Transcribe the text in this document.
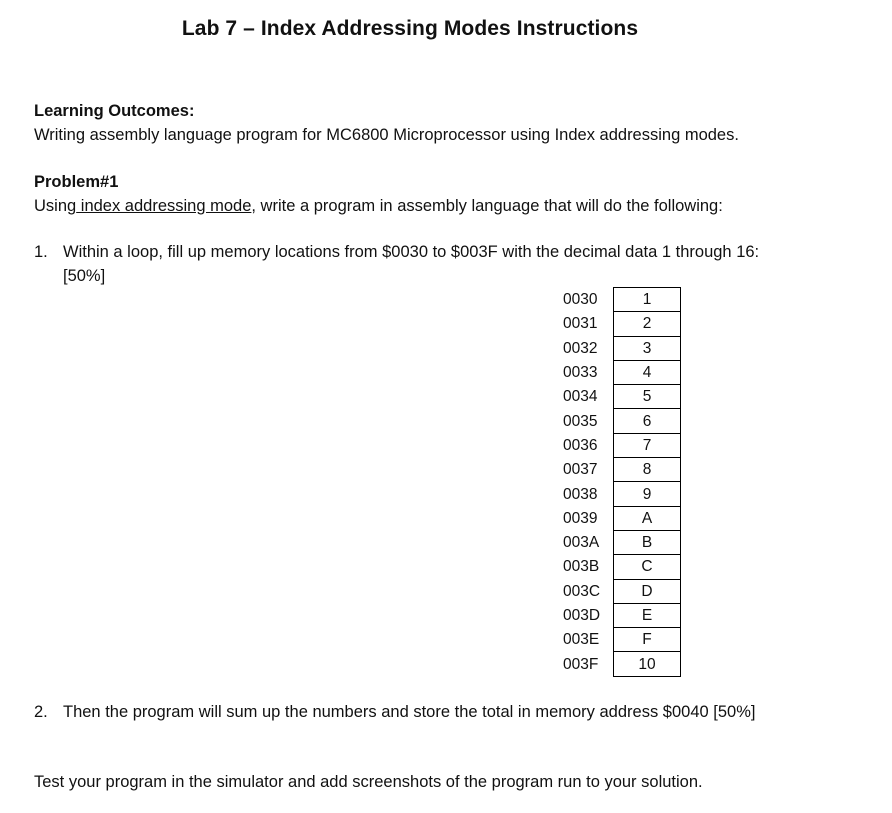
Lab 7 – Index Addressing Modes Instructions
Learning Outcomes:
Writing assembly language program for MC6800 Microprocessor using Index addressing modes.
Problem#1
Using index addressing mode, write a program in assembly language that will do the following:
1. Within a loop, fill up memory locations from $0030 to $003F with the decimal data 1 through 16: [50%]
0030	1
0031	2
0032	3
0033	4
0034	5
0035	6
0036	7
0037	8
0038	9
0039	A
003A	B
003B	C
003C	D
003D	E
003E	F
003F	10
2. Then the program will sum up the numbers and store the total in memory address $0040 [50%]
Test your program in the simulator and add screenshots of the program run to your solution.
